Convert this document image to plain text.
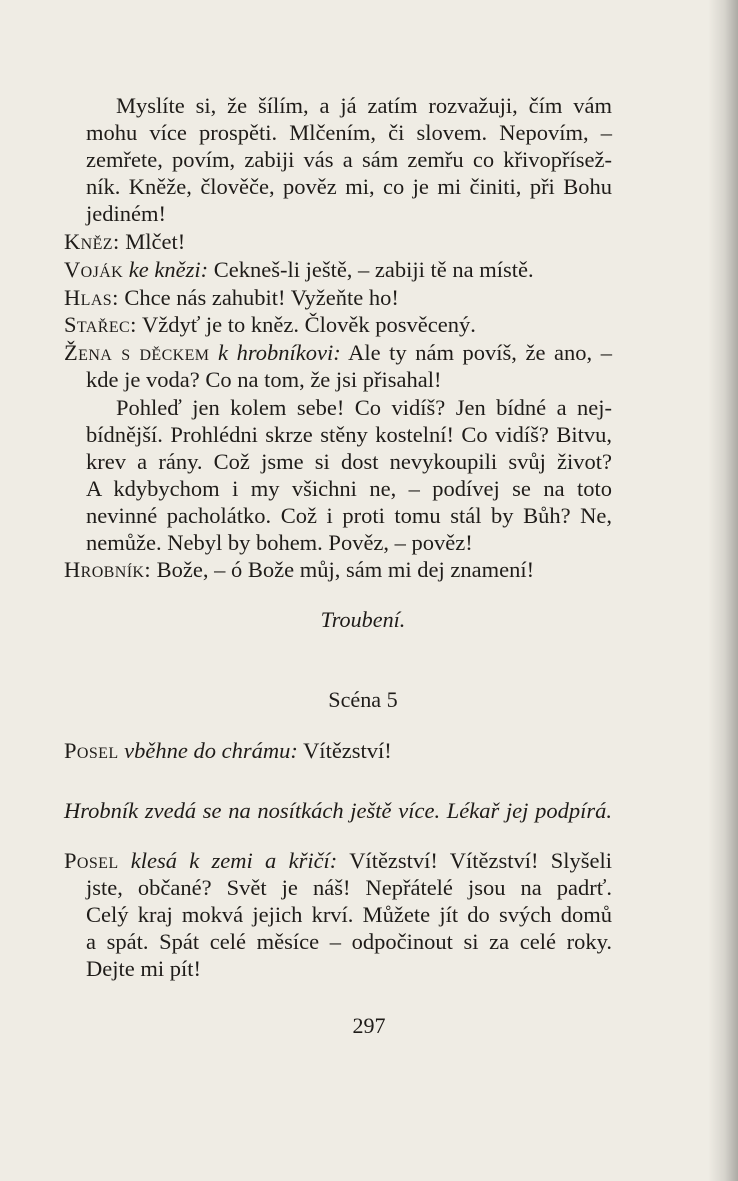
Myslíte si, že šílím, a já zatím rozvažuji, čím vám
mohu více prospěti. Mlčením, či slovem. Nepovím, –
zemřete, povím, zabiji vás a sám zemřu co křivopřísež-
ník. Kněže, člověče, pověz mi, co je mi činiti, při Bohu
jediném!
Kněz: Mlčet!
Voják ke knězi: Cekneš-li ještě, – zabiji tě na místě.
Hlas: Chce nás zahubit! Vyžeňte ho!
Stařec: Vždyť je to kněz. Člověk posvěcený.
Žena s děckem k hrobníkovi: Ale ty nám povíš, že ano, –
kde je voda? Co na tom, že jsi přisahal!
Pohleď jen kolem sebe! Co vidíš? Jen bídné a nej-
bídnější. Prohlédni skrze stěny kostelní! Co vidíš? Bitvu,
krev a rány. Což jsme si dost nevykoupili svůj život?
A kdybychom i my všichni ne, – podívej se na toto
nevinné pacholátko. Což i proti tomu stál by Bůh? Ne,
nemůže. Nebyl by bohem. Pověz, – pověz!
Hrobník: Bože, – ó Bože můj, sám mi dej znamení!
Troubení.
Scéna 5
Posel vběhne do chrámu: Vítězství!
Hrobník zvedá se na nosítkách ještě více. Lékař jej podpírá.
Posel klesá k zemi a křičí: Vítězství! Vítězství! Slyšeli
jste, občané? Svět je náš! Nepřátelé jsou na padrť.
Celý kraj mokvá jejich krví. Můžete jít do svých domů
a spát. Spát celé měsíce – odpočinout si za celé roky.
Dejte mi pít!
297
